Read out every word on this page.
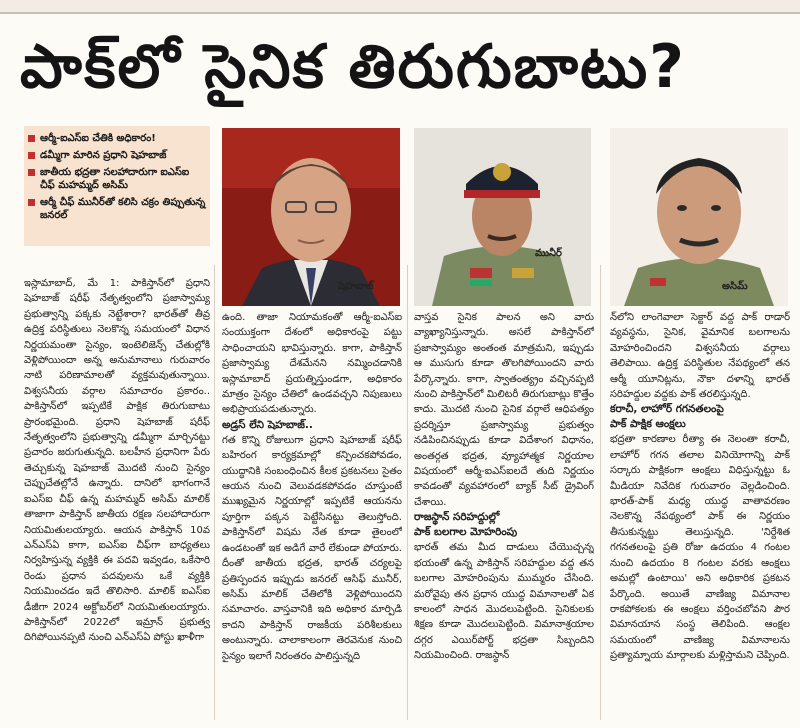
పాక్‌లో సైనిక తిరుగుబాటు?
ఆర్మీ-ఐఎస్ఐ చేతికి అధికారం!
డమ్మీగా మారిన ప్రధాని షెహబాజ్
జాతీయ భద్రతా సలహాదారుగా ఐఎస్ఐ చీఫ్ మహమ్మద్ అసిమ్
ఆర్మీ చీఫ్ మునీర్‌తో కలిసి చక్రం తిప్పుతున్న జనరల్
షెహబాజ్
మునీర్
అసిమ్

ఇస్లామాబాద్, మే 1: పాకిస్తాన్‌లో ప్రధాని షెహబాజ్ షరీఫ్ నేతృత్వంలోని ప్రజాస్వామ్య ప్రభుత్వాన్ని పక్కకు నెట్టేశారా? భారత్‌తో తీవ్ర ఉద్రిక్త పరిస్థితులు నెలకొన్న సమయంలో విధాన నిర్ణయమంతా సైన్యం, ఇంటెలిజెన్స్ చేతుల్లోకి వెళ్లిపోయిందా అన్న అనుమానాలు గురువారం నాటి పరిణామాలతో వ్యక్తమవుతున్నాయి. విశ్వసనీయ వర్గాల సమాచారం ప్రకారం.. పాకిస్తాన్‌లో ఇప్పటికే పాక్షిక తిరుగుబాటు ప్రారంభమైంది. ప్రధాని షెహబాజ్ షరీఫ్ నేతృత్వంలోని ప్రభుత్వాన్ని డమ్మీగా మార్చినట్టు ప్రచారం జరుగుతున్నది. బలహీన ప్రధానిగా పేరు తెచ్చుకున్న షెహబాజ్ మొదటి నుంచి సైన్యం చెప్పుచేతల్లోనే ఉన్నారు. దానిలో భాగంగానే ఐఎస్ఐ చీఫ్ ఉన్న మహమ్మద్ అసిమ్ మాలిక్ తాజాగా పాకిస్తాన్ జాతీయ రక్షణ సలహాదారుగా నియమితులయ్యారు. ఆయన పాకిస్తాన్ 10వ ఎన్ఎస్ఏ కాగా, ఐఎస్ఐ చీఫ్‌గా బాధ్యతలు నిర్వహిస్తున్న వ్యక్తికి ఈ పదవి ఇవ్వడం, ఒకేసారి రెండు ప్రధాన పదవులను ఒకే వ్యక్తికి నియమించడం ఇదే తొలిసారి. మాలిక్ ఐఎస్ఐ డీజీగా 2024 అక్టోబర్‌లో నియమితులయ్యారు. పాకిస్తాన్‌లో 2022లో ఇమ్రాన్ ప్రభుత్వ దిగిపోయినప్పటి నుంచి ఎన్ఎస్ఏ పోస్టు ఖాళీగా

ఉంది. తాజా నియామకంతో ఆర్మీ-ఐఎస్ఐ సంయుక్తంగా దేశంలో అధికారంపై పట్టు సాధించాయని భావిస్తున్నారు. కాగా, పాకిస్తాన్ ప్రజాస్వామ్య దేశమేనని నమ్మించడానికి ఇస్లామాబాద్ ప్రయత్నిస్తుండగా, అధికారం మాత్రం సైన్యం చేతిలో ఉండవచ్చని నిపుణులు అభిప్రాయపడుతున్నారు.

అడ్రస్ లేని షెహబాజ్..

గత కొన్ని రోజులుగా ప్రధాని షెహబాజ్ షరీఫ్ బహిరంగ కార్యక్రమాల్లో కన్పించకపోవడం, యుద్ధానికి సంబంధించిన కీలక ప్రకటనలు సైతం ఆయన నుంచి వెలువడకపోవడం చూస్తుంటే ముఖ్యమైన నిర్ణయాల్లో ఇప్పటికే ఆయనను పూర్తిగా పక్కన పెట్టేసినట్టు తెలుస్తోంది. పాకిస్తాన్‌లో విషమ నేత కూడా తైలంలో ఉండటంతో ఇక అడిగే వారే లేకుండా పోయారు. దీంతో జాతీయ భద్రత, భారత్ చర్యలపై ప్రతిస్పందన ఇప్పుడు జనరల్ ఆసిఫ్ మునీర్, అసిమ్ మాలిక్‌ చేతిలోకి వెళ్లిపోయిందని సమాచారం. వాస్తవానికి ఇది అధికార మార్పిడి కాదని పాకిస్తాన్ రాజకీయ పరిశీలకులు అంటున్నారు. చాలాకాలంగా తెరవెనుక నుంచి సైన్యం ఇలాగే నిరంతరం పాలిస్తున్నది

వాస్తవ సైనిక పాలన అని వారు వ్యాఖ్యానిస్తున్నారు. అసలే పాకిస్తాన్‌లో ప్రజాస్వామ్యం అంతంత మాత్రమని, ఇప్పుడు ఆ ముసుగు కూడా తొలగిపోయిందని వారు పేర్కొన్నారు. కాగా, స్వాతంత్య్రం వచ్చినప్పటి నుంచి పాకిస్తాన్‌లో మిలిటరీ తిరుగుబాట్లు కొత్తేం కాదు. మొదటి నుంచి సైనిక వర్గాలే ఆధిపత్యం ప్రదర్శిస్తూ ప్రజాస్వామ్య ప్రభుత్వం నడిపించినప్పుడు కూడా విదేశాంగ విధానం, అంతర్గత భద్రత, వ్యూహాత్మక నిర్ణయాల విషయంలో ఆర్మీ-ఐఎస్ఐలదే తుది నిర్ణయం కావడంతో వ్యవహారంలో బ్యాక్ సీట్ డ్రైవింగ్ చేశాయి.

రాజస్థాన్ సరిహద్దుల్లో

పాక్ బలగాల మోహరింపు

భారత్ తమ మీద దాడులు చేయొచ్చన్న భయంతో ఉన్న పాకిస్తాన్ సరిహద్దుల వద్ద తన బలగాల మోహరింపును ముమ్మరం చేసింది. మరోవైపు తన ప్రధాన యుద్ధ విమానాలతో ఏక కాలంలో సాధన మొదలుపెట్టింది. సైనికులకు శిక్షణ కూడా మొదలుపెట్టింది. విమానాశ్రయాల దగ్గర ఎయిర్‌పోర్ట్ భద్రతా సిబ్బందిని నియమించింది. రాజస్థాన్

న్‌లోని లాంగెవాలా సెక్టార్ వద్ద పాక్ రాడార్ వ్యవస్థను, సైనిక, వైమానిక బలగాలను మోహరించిందని విశ్వసనీయ వర్గాలు తెలిపాయి. ఉద్రిక్త పరిస్థితుల నేపథ్యంలో తన ఆర్మీ యూనిట్లను, నౌకా దళాన్ని భారత్ సరిహద్దుల వద్దకు పాక్ తరలిస్తున్నది.

కరాచీ, లాహోర్ గగనతలంపై

పాక్ పాక్షిక ఆంక్షలు

భద్రతా కారణాల రీత్యా ఈ నెలంతా కరాచీ, లాహోర్ గగన తలాల వినియోగాన్ని పాక్ సర్కారు పాక్షికంగా ఆంక్షలు విధిస్తున్నట్టు ఓ మీడియా నివేదిక గురువారం వెల్లడించింది. భారత్-పాక్ మధ్య యుద్ధ వాతావరణం నెలకొన్న నేపథ్యంలో పాక్ ఈ నిర్ణయం తీసుకున్నట్టు తెలుస్తున్నది. 'నిర్దేశిత గగనతలంపై ప్రతి రోజు ఉదయం 4 గంటల నుంచి ఉదయం 8 గంటల వరకు ఆంక్షలు అమల్లో ఉంటాయి' అని అధికారిక ప్రకటన పేర్కొంది. అయితే వాణిజ్య విమానాల రాకపోకలకు ఈ ఆంక్షలు వర్తించబోవని పౌర విమానయాన సంస్థ తెలిపింది. ఆంక్షల సమయంలో వాణిజ్య విమానాలను ప్రత్యామ్నాయ మార్గాలకు మళ్లిస్తామని చెప్పింది.
